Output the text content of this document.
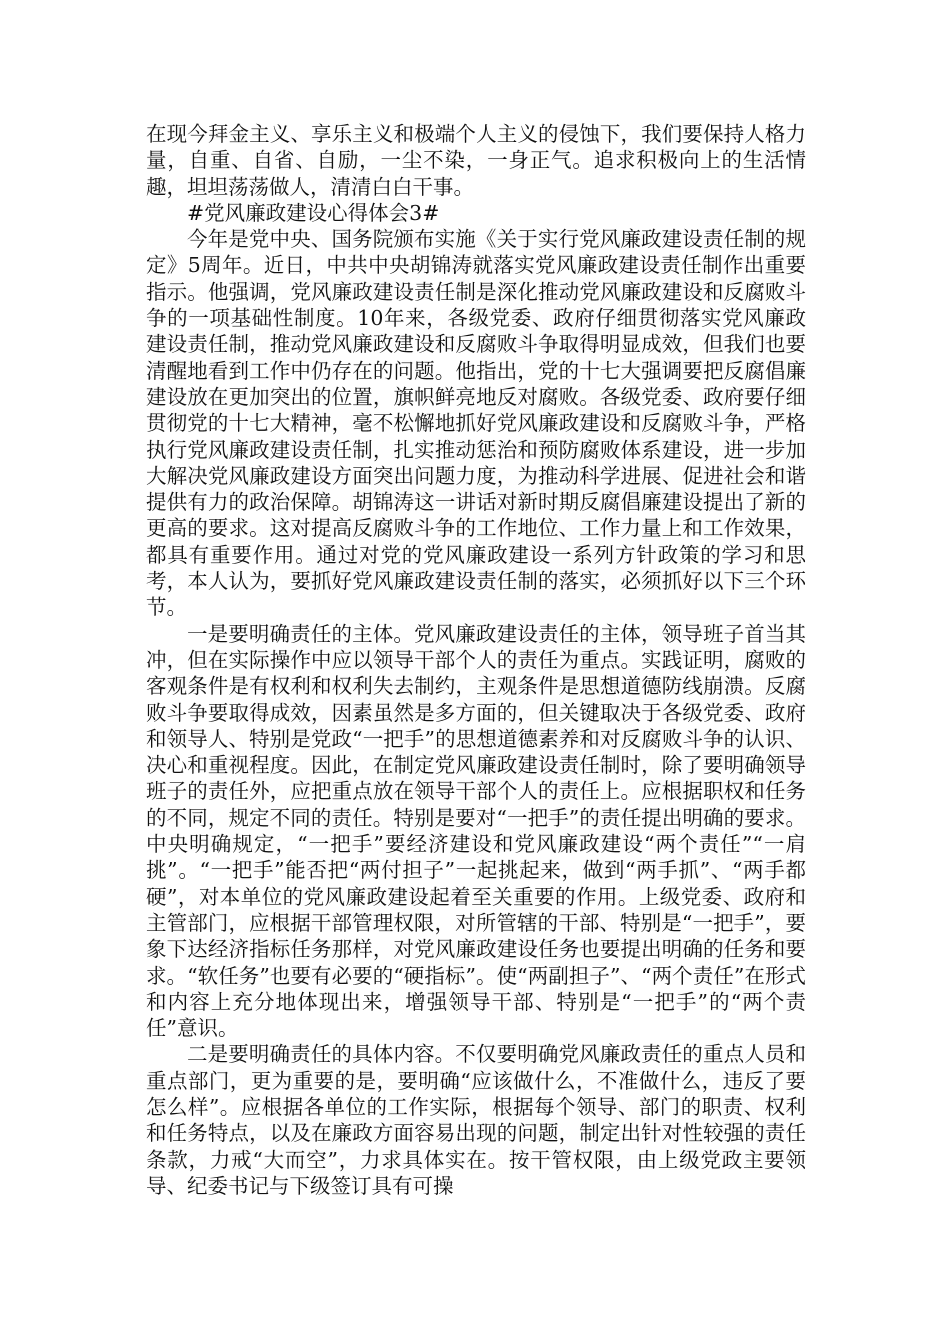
在现今拜金主义、享乐主义和极端个人主义的侵蚀下，我们要保持人格力量，自重、自省、自励，一尘不染，一身正气。追求积极向上的生活情趣，坦坦荡荡做人，清清白白干事。

#党风廉政建设心得体会3#

今年是党中央、国务院颁布实施《关于实行党风廉政建设责任制的规定》5周年。近日，中共中央胡锦涛就落实党风廉政建设责任制作出重要指示。他强调，党风廉政建设责任制是深化推动党风廉政建设和反腐败斗争的一项基础性制度。10年来，各级党委、政府仔细贯彻落实党风廉政建设责任制，推动党风廉政建设和反腐败斗争取得明显成效，但我们也要清醒地看到工作中仍存在的问题。他指出，党的十七大强调要把反腐倡廉建设放在更加突出的位置，旗帜鲜亮地反对腐败。各级党委、政府要仔细贯彻党的十七大精神，毫不松懈地抓好党风廉政建设和反腐败斗争，严格执行党风廉政建设责任制，扎实推动惩治和预防腐败体系建设，进一步加大解决党风廉政建设方面突出问题力度，为推动科学进展、促进社会和谐提供有力的政治保障。胡锦涛这一讲话对新时期反腐倡廉建设提出了新的更高的要求。这对提高反腐败斗争的工作地位、工作力量上和工作效果，都具有重要作用。通过对党的党风廉政建设一系列方针政策的学习和思考，本人认为，要抓好党风廉政建设责任制的落实，必须抓好以下三个环节。

一是要明确责任的主体。党风廉政建设责任的主体，领导班子首当其冲，但在实际操作中应以领导干部个人的责任为重点。实践证明，腐败的客观条件是有权利和权利失去制约，主观条件是思想道德防线崩溃。反腐败斗争要取得成效，因素虽然是多方面的，但关键取决于各级党委、政府和领导人、特别是党政“一把手”的思想道德素养和对反腐败斗争的认识、决心和重视程度。因此，在制定党风廉政建设责任制时，除了要明确领导班子的责任外，应把重点放在领导干部个人的责任上。应根据职权和任务的不同，规定不同的责任。特别是要对“一把手”的责任提出明确的要求。中央明确规定，“一把手”要经济建设和党风廉政建设“两个责任”“一肩挑”。“一把手”能否把“两付担子”一起挑起来，做到“两手抓”、“两手都硬”，对本单位的党风廉政建设起着至关重要的作用。上级党委、政府和主管部门，应根据干部管理权限，对所管辖的干部、特别是“一把手”，要象下达经济指标任务那样，对党风廉政建设任务也要提出明确的任务和要求。“软任务”也要有必要的“硬指标”。使“两副担子”、“两个责任”在形式和内容上充分地体现出来，增强领导干部、特别是“一把手”的“两个责任”意识。

二是要明确责任的具体内容。不仅要明确党风廉政责任的重点人员和重点部门，更为重要的是，要明确“应该做什么，不准做什么，违反了要怎么样”。应根据各单位的工作实际，根据每个领导、部门的职责、权利和任务特点，以及在廉政方面容易出现的问题，制定出针对性较强的责任条款，力戒“大而空”，力求具体实在。按干管权限，由上级党政主要领导、纪委书记与下级签订具有可操
